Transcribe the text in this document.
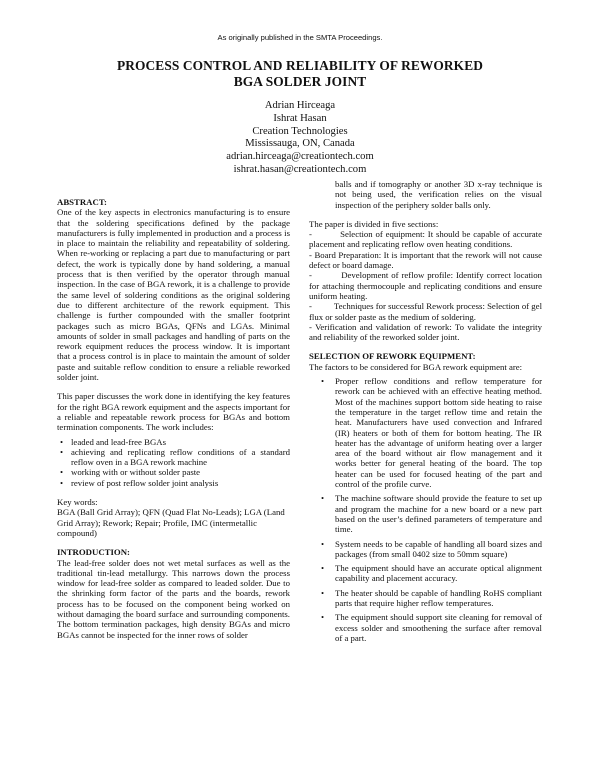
As originally published in the SMTA Proceedings.
PROCESS CONTROL AND RELIABILITY OF REWORKED
BGA SOLDER JOINT
Adrian Hirceaga
Ishrat Hasan
Creation Technologies
Mississauga, ON, Canada
adrian.hirceaga@creationtech.com
ishrat.hasan@creationtech.com

ABSTRACT:

One of the key aspects in electronics manufacturing is to ensure that the soldering specifications defined by the package manufacturers is fully implemented in production and a process is in place to maintain the reliability and repeatability of soldering. When re-working or replacing a part due to manufacturing or part defect, the work is typically done by hand soldering, a manual process that is then verified by the operator through manual inspection. In the case of BGA rework, it is a challenge to provide the same level of soldering conditions as the original soldering due to different architecture of the rework equipment. This challenge is further compounded with the smaller footprint packages such as micro BGAs, QFNs and LGAs. Minimal amounts of solder in small packages and handling of parts on the rework equipment reduces the process window. It is important that a process control is in place to maintain the amount of solder paste and suitable reflow condition to ensure a reliable reworked solder joint.

This paper discusses the work done in identifying the key features for the right BGA rework equipment and the aspects important for a reliable and repeatable rework process for BGAs and bottom termination components. The work includes:

• leaded and lead-free BGAs
• achieving and replicating reflow conditions of a standard reflow oven in a BGA rework machine
• working with or without solder paste
• review of post reflow solder joint analysis

Key words:

BGA (Ball Grid Array); QFN (Quad Flat No-Leads); LGA (Land Grid Array); Rework; Repair; Profile, IMC (intermetallic compound)

INTRODUCTION:

The lead-free solder does not wet metal surfaces as well as the traditional tin-lead metallurgy. This narrows down the process window for lead-free solder as compared to leaded solder. Due to the shrinking form factor of the parts and the boards, rework process has to be focused on the component being worked on without damaging the board surface and surrounding components. The bottom termination packages, high density BGAs and micro BGAs cannot be inspected for the inner rows of solder

balls and if tomography or another 3D x-ray technique is not being used, the verification relies on the visual inspection of the periphery solder balls only.

The paper is divided in five sections:

-          Selection of equipment: It should be capable of accurate placement and replicating reflow oven heating conditions.
- Board Preparation: It is important that the rework will not cause defect or board damage.
-          Development of reflow profile: Identify correct location for attaching thermocouple and replicating conditions and ensure uniform heating.
-          Techniques for successful Rework process: Selection of gel flux or solder paste as the medium of soldering.
- Verification and validation of rework: To validate the integrity and reliability of the reworked solder joint.

SELECTION OF REWORK EQUIPMENT:

The factors to be considered for BGA rework equipment are:

• Proper reflow conditions and reflow temperature for rework can be achieved with an effective heating method. Most of the machines support bottom side heating to raise the temperature in the target reflow time and retain the heat. Manufacturers have used convection and Infrared (IR) heaters or both of them for bottom heating. The IR heater has the advantage of uniform heating over a larger area of the board without air flow management and it works better for general heating of the board. The top heater can be used for focused heating of the part and control of the profile curve.
• The machine software should provide the feature to set up and program the machine for a new board or a new part based on the user’s defined parameters of temperature and time.
• System needs to be capable of handling all board sizes and packages (from small 0402 size to 50mm square)
• The equipment should have an accurate optical alignment capability and placement accuracy.
• The heater should be capable of handling RoHS compliant parts that require higher reflow temperatures.
• The equipment should support site cleaning for removal of excess solder and smoothening the surface after removal of a part.
